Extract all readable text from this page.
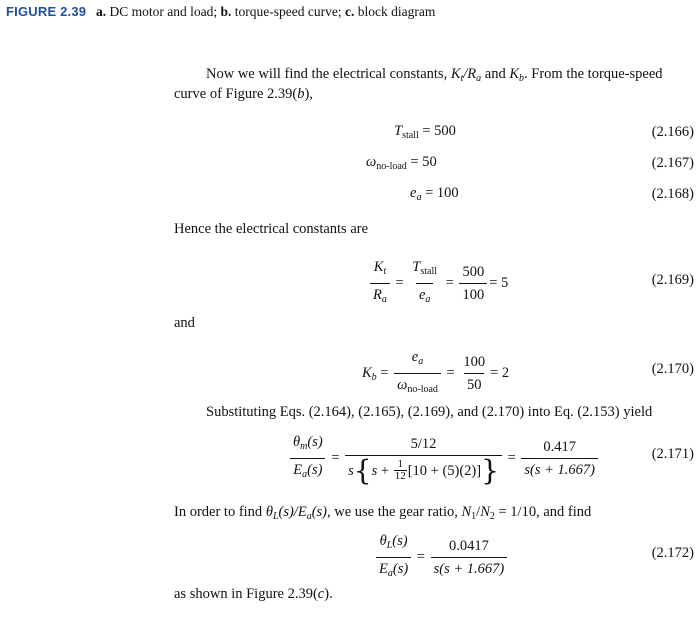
FIGURE 2.39 a. DC motor and load; b. torque-speed curve; c. block diagram
Now we will find the electrical constants, $K_t/R_a$ and $K_b$. From the torque-speed
curve of Figure 2.39(b),
$T_{stall} = 500$	(2.166)
$\omega_{no-load} = 50$	(2.167)
$e_a = 100$	(2.168)
Hence the electrical constants are
$\frac{K_t}{R_a} = \frac{T_{stall}}{e_a} = \frac{500}{100} = 5$	(2.169)
and
$K_b = \frac{e_a}{\omega_{no-load}} = \frac{100}{50} = 2$	(2.170)
Substituting Eqs. (2.164), (2.165), (2.169), and (2.170) into Eq. (2.153) yield
$\frac{\theta_m(s)}{E_a(s)} = \frac{5/12}{s \{ s + \frac{1}{12} [10 + (5)(2)] \}} = \frac{0.417}{s(s + 1.667)}$	(2.171)
In order to find $\theta_L(s)/E_a(s)$, we use the gear ratio, $N_1/N_2 = 1/10$, and find
$\frac{\theta_L(s)}{E_a(s)} = \frac{0.0417}{s(s + 1.667)}$	(2.172)
as shown in Figure 2.39(c).
